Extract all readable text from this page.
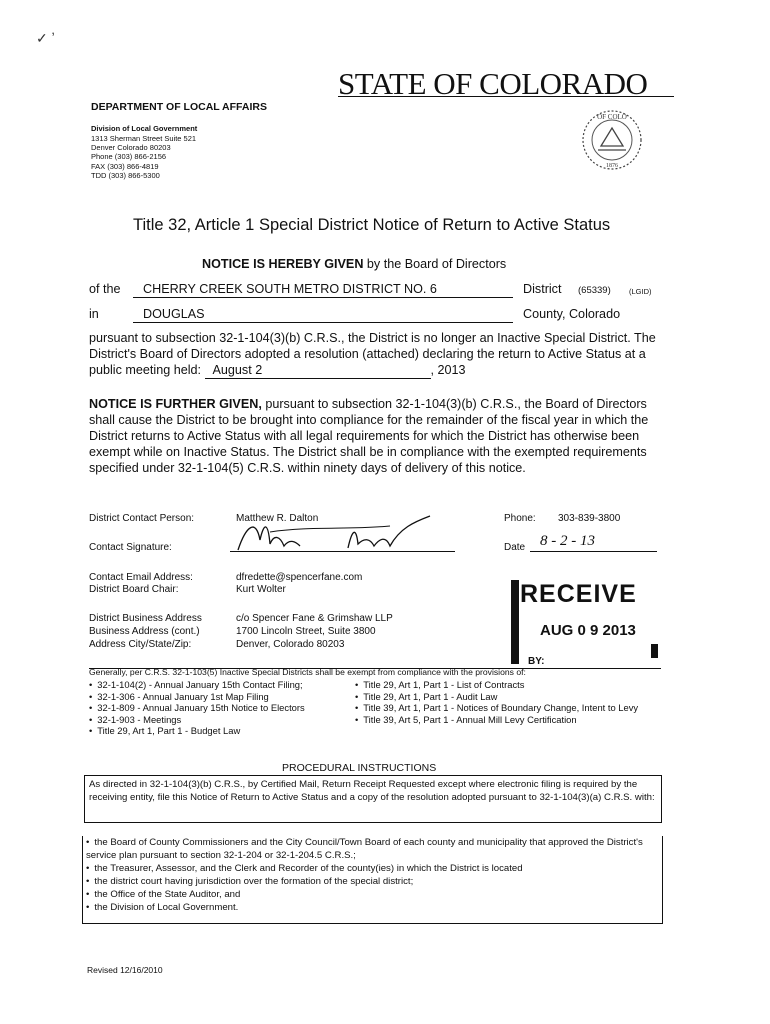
✓ ʼ
STATE OF COLORADO
DEPARTMENT OF LOCAL AFFAIRS
Division of Local Government
1313 Sherman Street Suite 521
Denver Colorado 80203
Phone (303) 866-2156
FAX (303) 866-4819
TDD (303) 866-5300
OF COLO
1876
Title 32, Article 1 Special District Notice of Return to Active Status
NOTICE IS HEREBY GIVEN by the Board of Directors
of the	CHERRY CREEK SOUTH METRO DISTRICT NO. 6	District (65339) (LGID)
in	DOUGLAS	County, Colorado
pursuant to subsection 32-1-104(3)(b) C.R.S., the District is no longer an Inactive Special District. The District's Board of Directors adopted a resolution (attached) declaring the return to Active Status at a public meeting held: August 2	, 2013
NOTICE IS FURTHER GIVEN, pursuant to subsection 32-1-104(3)(b) C.R.S., the Board of Directors shall cause the District to be brought into compliance for the remainder of the fiscal year in which the District returns to Active Status with all legal requirements for which the District has otherwise been exempt while on Inactive Status. The District shall be in compliance with the exempted requirements specified under 32-1-104(5) C.R.S. within ninety days of delivery of this notice.
District Contact Person:	Matthew R. Dalton	Phone: 303-839-3800
Contact Signature:	Date 8 - 2 - 13
Contact Email Address:	dfredette@spencerfane.com
District Board Chair:	Kurt Wolter
District Business Address	c/o Spencer Fane & Grimshaw LLP
Business Address (cont.)	1700 Lincoln Street, Suite 3800
Address City/State/Zip:	Denver, Colorado 80203
RECEIVE
AUG 0 9 2013
BY:
Generally, per C.R.S. 32-1-103(5) Inactive Special Districts shall be exempt from compliance with the provisions of:
• 32-1-104(2) - Annual January 15th Contact Filing;
• 32-1-306 - Annual January 1st Map Filing
• 32-1-809 - Annual January 15th Notice to Electors
• 32-1-903 - Meetings
• Title 29, Art 1, Part 1 - Budget Law
• Title 29, Art 1, Part 1 - List of Contracts
• Title 29, Art 1, Part 1 - Audit Law
• Title 39, Art 1, Part 1 - Notices of Boundary Change, Intent to Levy
• Title 39, Art 5, Part 1 - Annual Mill Levy Certification
PROCEDURAL INSTRUCTIONS
As directed in 32-1-104(3)(b) C.R.S., by Certified Mail, Return Receipt Requested except where electronic filing is required by the receiving entity, file this Notice of Return to Active Status and a copy of the resolution adopted pursuant to 32-1-104(3)(a) C.R.S. with:
• the Board of County Commissioners and the City Council/Town Board of each county and municipality that approved the District's service plan pursuant to section 32-1-204 or 32-1-204.5 C.R.S.;
• the Treasurer, Assessor, and the Clerk and Recorder of the county(ies) in which the District is located
• the district court having jurisdiction over the formation of the special district;
• the Office of the State Auditor, and
• the Division of Local Government.
Revised 12/16/2010
